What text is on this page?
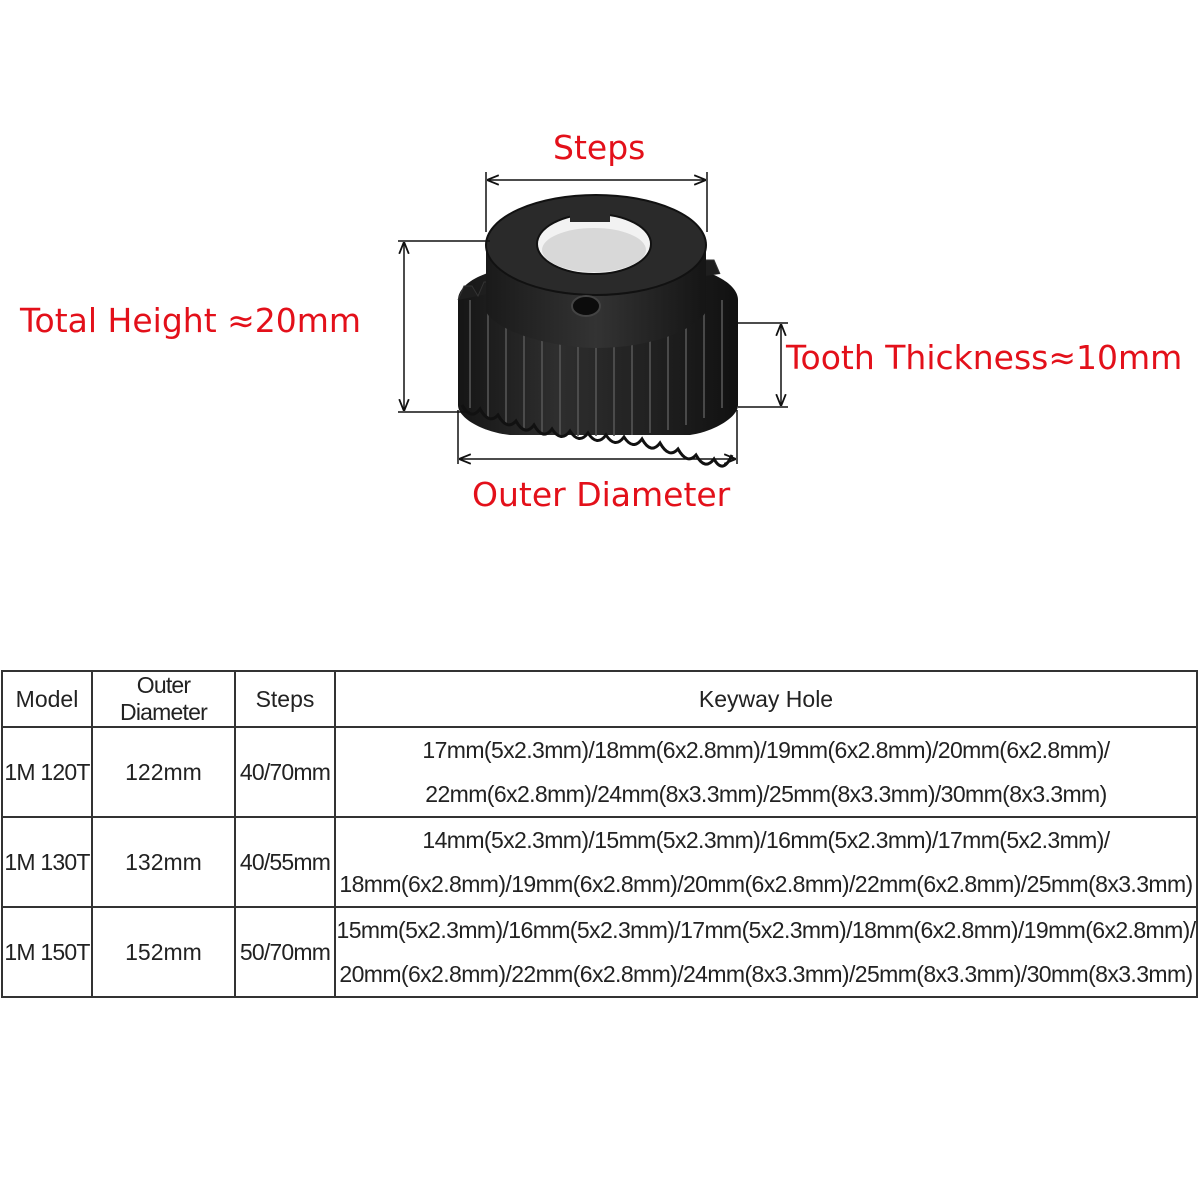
Steps
Total Height ≈20mm
Tooth Thickness≈10mm
Outer Diameter
Model	Outer Diameter	Steps	Keyway Hole
1M 120T	122mm	40/70mm	17mm(5x2.3mm)/18mm(6x2.8mm)/19mm(6x2.8mm)/20mm(6x2.8mm)/
22mm(6x2.8mm)/24mm(8x3.3mm)/25mm(8x3.3mm)/30mm(8x3.3mm)

1M 130T	132mm	40/55mm	14mm(5x2.3mm)/15mm(5x2.3mm)/16mm(5x2.3mm)/17mm(5x2.3mm)/
18mm(6x2.8mm)/19mm(6x2.8mm)/20mm(6x2.8mm)/22mm(6x2.8mm)/25mm(8x3.3mm)

1M 150T	152mm	50/70mm	15mm(5x2.3mm)/16mm(5x2.3mm)/17mm(5x2.3mm)/18mm(6x2.8mm)/19mm(6x2.8mm)/
20mm(6x2.8mm)/22mm(6x2.8mm)/24mm(8x3.3mm)/25mm(8x3.3mm)/30mm(8x3.3mm)
